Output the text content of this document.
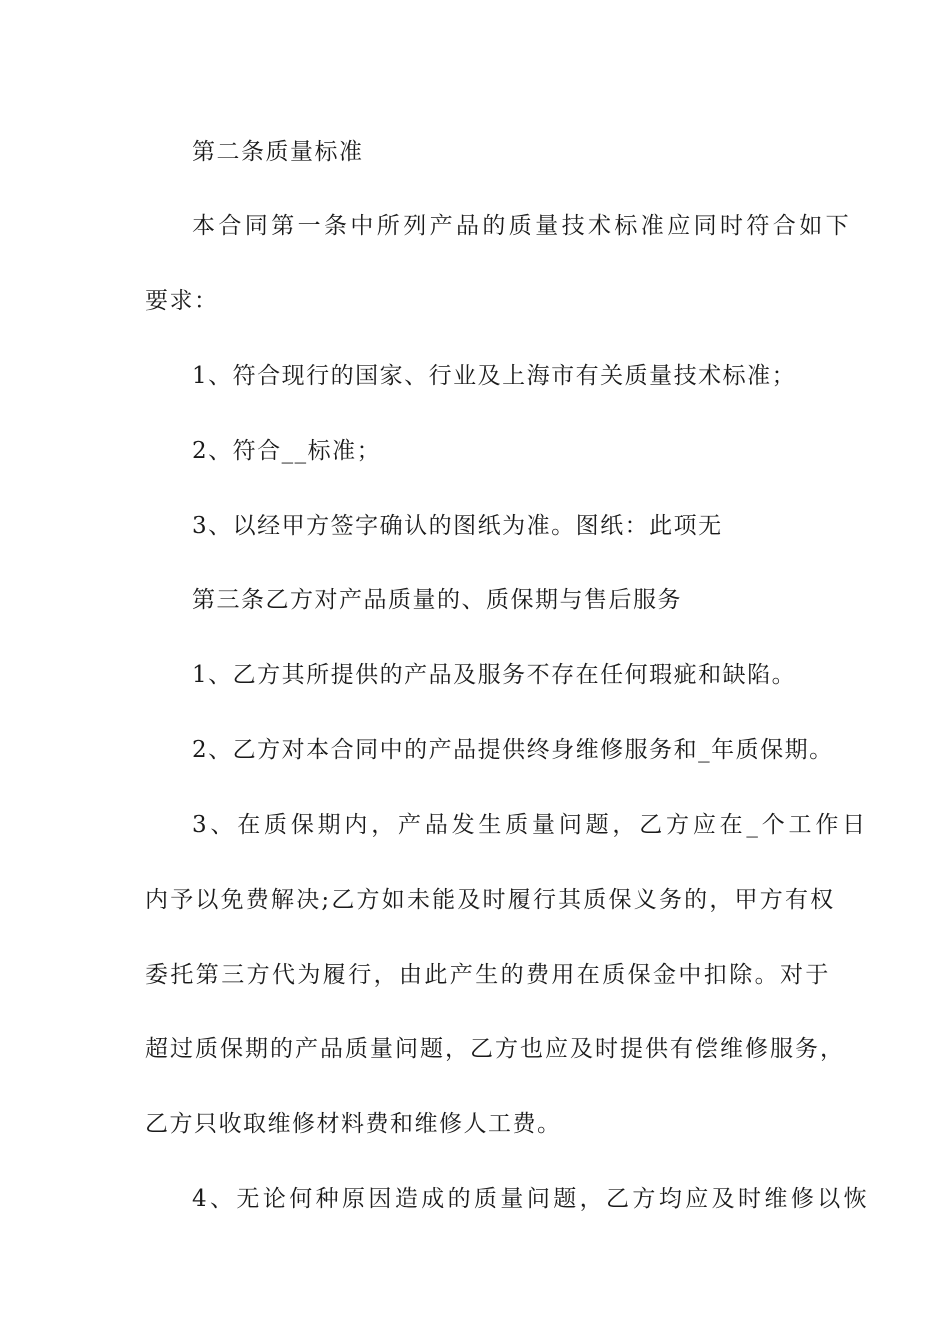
第二条质量标准
本合同第一条中所列产品的质量技术标准应同时符合如下
要求：
1、符合现行的国家、行业及上海市有关质量技术标准；
2、符合__标准；
3、以经甲方签字确认的图纸为准。图纸：此项无
第三条乙方对产品质量的、质保期与售后服务
1、乙方其所提供的产品及服务不存在任何瑕疵和缺陷。
2、乙方对本合同中的产品提供终身维修服务和_年质保期。
3、在质保期内，产品发生质量问题，乙方应在_个工作日
内予以免费解决;乙方如未能及时履行其质保义务的，甲方有权
委托第三方代为履行，由此产生的费用在质保金中扣除。对于
超过质保期的产品质量问题，乙方也应及时提供有偿维修服务，
乙方只收取维修材料费和维修人工费。
4、无论何种原因造成的质量问题，乙方均应及时维修以恢
